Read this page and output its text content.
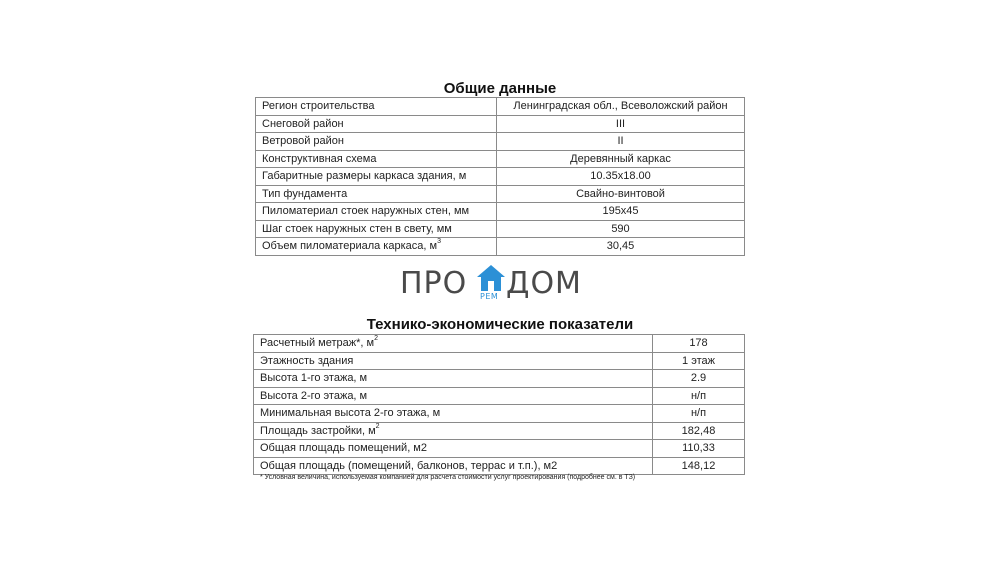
Общие данные
Регион строительства	Ленинградская обл., Всеволожский район
Снеговой район	III
Ветровой район	II
Конструктивная схема	Деревянный каркас
Габаритные размеры каркаса здания, м	10.35x18.00
Тип фундамента	Свайно-винтовой
Пиломатериал стоек наружных стен, мм	195x45
Шаг стоек наружных стен в свету, мм	590
Объем пиломатериала каркаса, $м^3$	30,45
ПРО РЕМ ДОМ
Технико-экономические показатели
Расчетный метраж*, $м^2$	178
Этажность здания	1 этаж
Высота 1-го этажа, м	2.9
Высота 2-го этажа, м	н/п
Минимальная высота 2-го этажа, м	н/п
Площадь застройки, $м^2$	182,48
Общая площадь помещений, м2	110,33
Общая площадь (помещений, балконов, террас и т.п.), м2	148,12
* Условная величина, используемая компанией для расчета стоимости услуг проектирования (подробнее см. в ТЗ)
